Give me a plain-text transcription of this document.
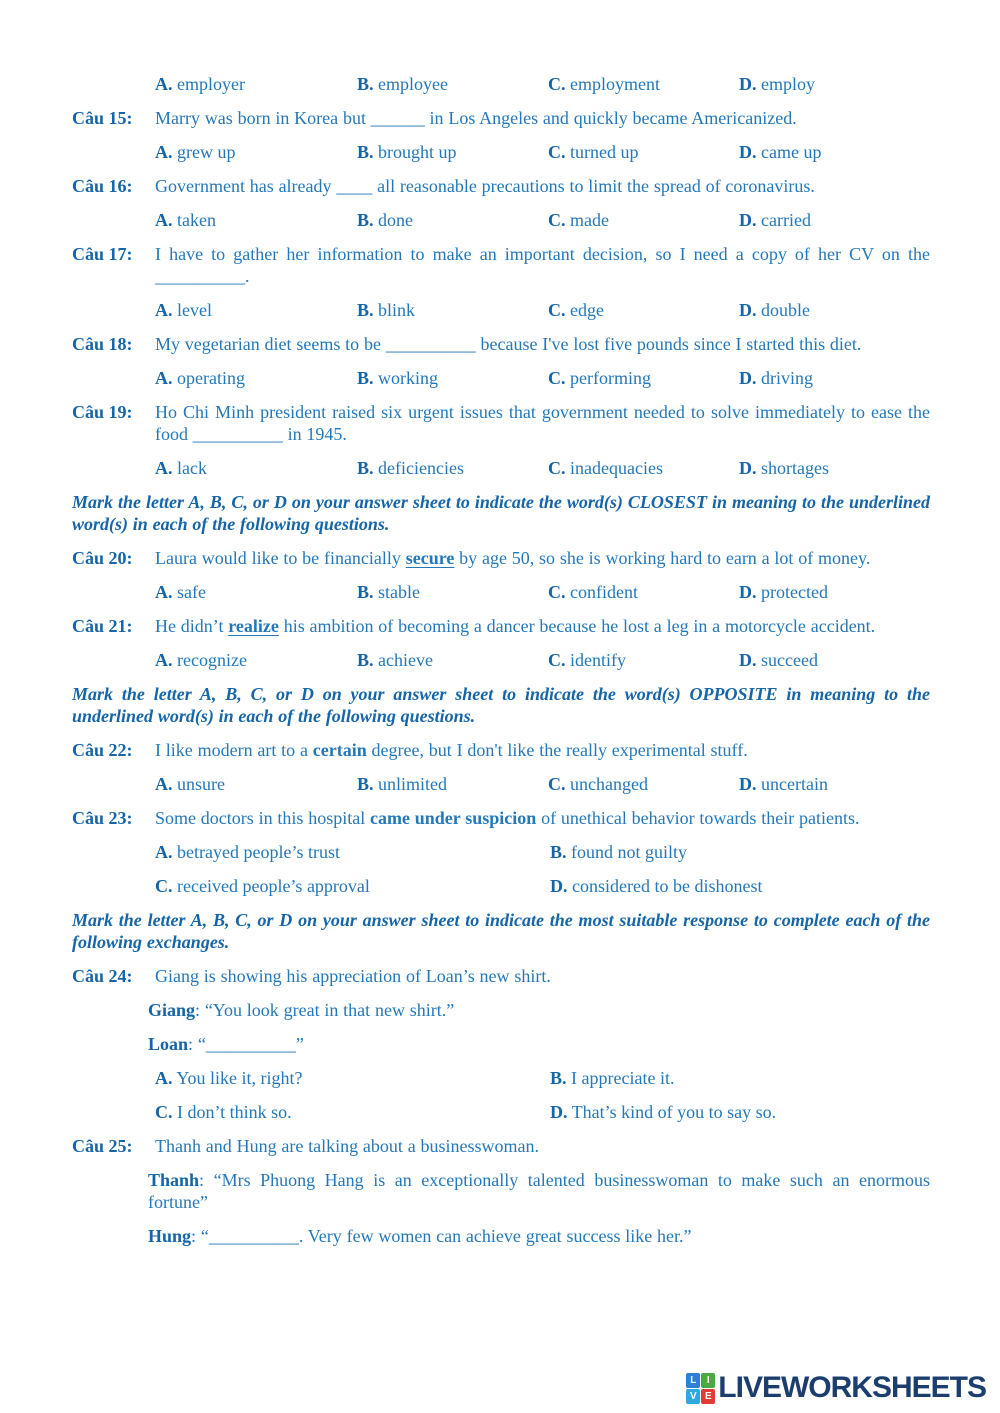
A. employer	B. employee	C. employment	D. employ
Câu 15:	Marry was born in Korea but ______ in Los Angeles and quickly became Americanized.
A. grew up	B. brought up	C. turned up	D. came up
Câu 16:	Government has already ____ all reasonable precautions to limit the spread of coronavirus.
A. taken	B. done	C. made	D. carried
Câu 17:	I have to gather her information to make an important decision, so I need a copy of her CV on the __________.
A. level	B. blink	C. edge	D. double
Câu 18:	My vegetarian diet seems to be __________ because I've lost five pounds since I started this diet.
A. operating	B. working	C. performing	D. driving
Câu 19:	Ho Chi Minh president raised six urgent issues that government needed to solve immediately to ease the food __________ in 1945.
A. lack	B. deficiencies	C. inadequacies	D. shortages
Mark the letter A, B, C, or D on your answer sheet to indicate the word(s) CLOSEST in meaning to the underlined word(s) in each of the following questions.
Câu 20:	Laura would like to be financially secure by age 50, so she is working hard to earn a lot of money.
A. safe	B. stable	C. confident	D. protected
Câu 21:	He didn’t realize his ambition of becoming a dancer because he lost a leg in a motorcycle accident.
A. recognize	B. achieve	C. identify	D. succeed
Mark the letter A, B, C, or D on your answer sheet to indicate the word(s) OPPOSITE in meaning to the underlined word(s) in each of the following questions.
Câu 22:	I like modern art to a certain degree, but I don't like the really experimental stuff.
A. unsure	B. unlimited	C. unchanged	D. uncertain
Câu 23:	Some doctors in this hospital came under suspicion of unethical behavior towards their patients.
A. betrayed people’s trust	B. found not guilty
C. received people’s approval	D. considered to be dishonest
Mark the letter A, B, C, or D on your answer sheet to indicate the most suitable response to complete each of the following exchanges.
Câu 24:	Giang is showing his appreciation of Loan’s new shirt.
Giang: “You look great in that new shirt.”
Loan: “__________”
A. You like it, right?	B. I appreciate it.
C. I don’t think so.	D. That’s kind of you to say so.
Câu 25:	Thanh and Hung are talking about a businesswoman.
Thanh: “Mrs Phuong Hang is an exceptionally talented businesswoman to make such an enormous fortune”
Hung: “__________. Very few women can achieve great success like her.”
L	I
V E LIVEWORKSHEETS
